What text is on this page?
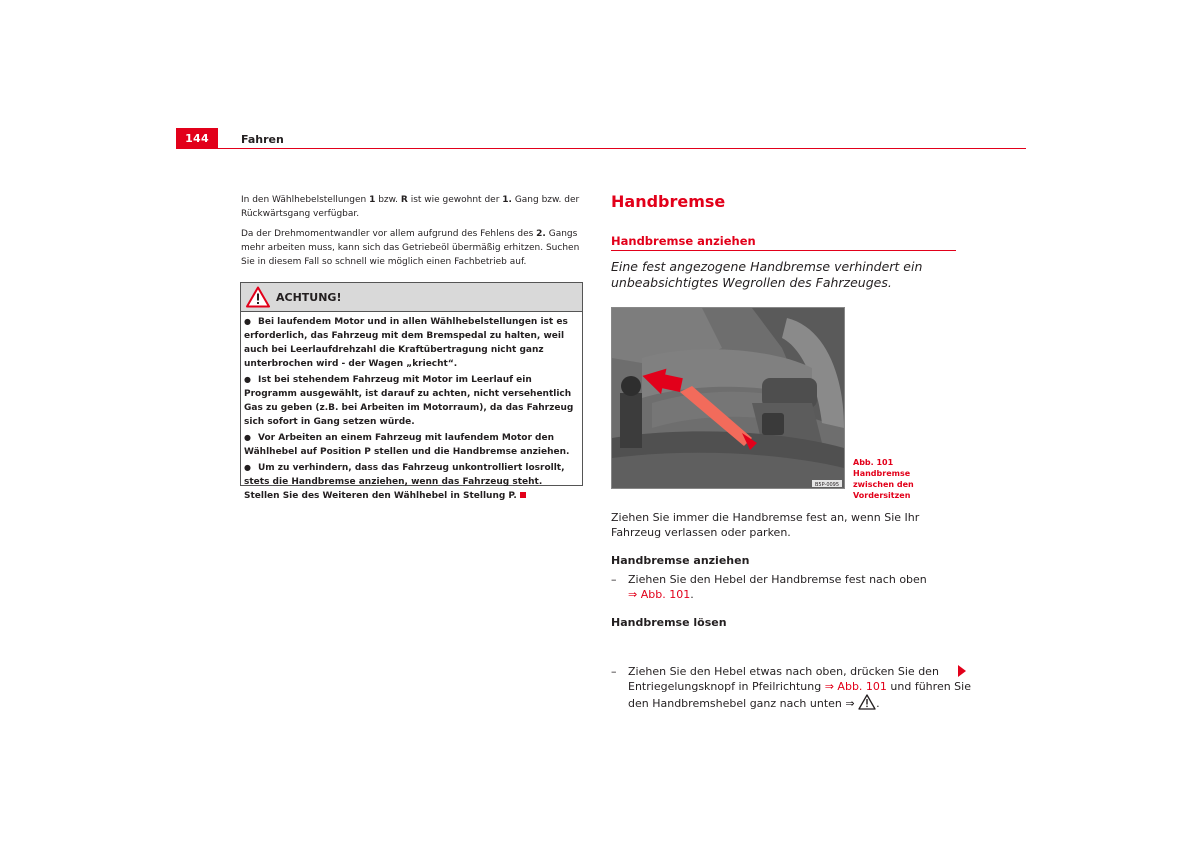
144	Fahren

In den Wählhebelstellungen 1 bzw. R ist wie gewohnt der 1. Gang bzw. der Rückwärtsgang verfügbar.

Da der Drehmomentwandler vor allem aufgrund des Fehlens des 2. Gangs mehr arbeiten muss, kann sich das Getriebeöl übermäßig erhitzen. Suchen Sie in diesem Fall so schnell wie möglich einen Fachbetrieb auf.

ACHTUNG!
● Bei laufendem Motor und in allen Wählhebelstellungen ist es erforderlich, das Fahrzeug mit dem Bremspedal zu halten, weil auch bei Leerlaufdrehzahl die Kraftübertragung nicht ganz unterbrochen wird - der Wagen „kriecht“.
● Ist bei stehendem Fahrzeug mit Motor im Leerlauf ein Programm ausgewählt, ist darauf zu achten, nicht versehentlich Gas zu geben (z.B. bei Arbeiten im Motorraum), da das Fahrzeug sich sofort in Gang setzen würde.
● Vor Arbeiten an einem Fahrzeug mit laufendem Motor den Wählhebel auf Position P stellen und die Handbremse anziehen.
● Um zu verhindern, dass das Fahrzeug unkontrolliert losrollt, stets die Handbremse anziehen, wenn das Fahrzeug steht. Stellen Sie des Weiteren den Wählhebel in Stellung P.
Handbremse
Handbremse anziehen
Eine fest angezogene Handbremse verhindert ein unbeabsichtigtes Wegrollen des Fahrzeuges.
B5P-0095
Abb. 101 Handbremse zwischen den Vordersitzen
Ziehen Sie immer die Handbremse fest an, wenn Sie Ihr Fahrzeug verlassen oder parken.
Handbremse anziehen
– Ziehen Sie den Hebel der Handbremse fest nach oben
⇒ Abb. 101.
Handbremse lösen
– Ziehen Sie den Hebel etwas nach oben, drücken Sie den Entriegelungsknopf in Pfeilrichtung ⇒ Abb. 101 und führen Sie den Handbremshebel ganz nach unten ⇒ .
